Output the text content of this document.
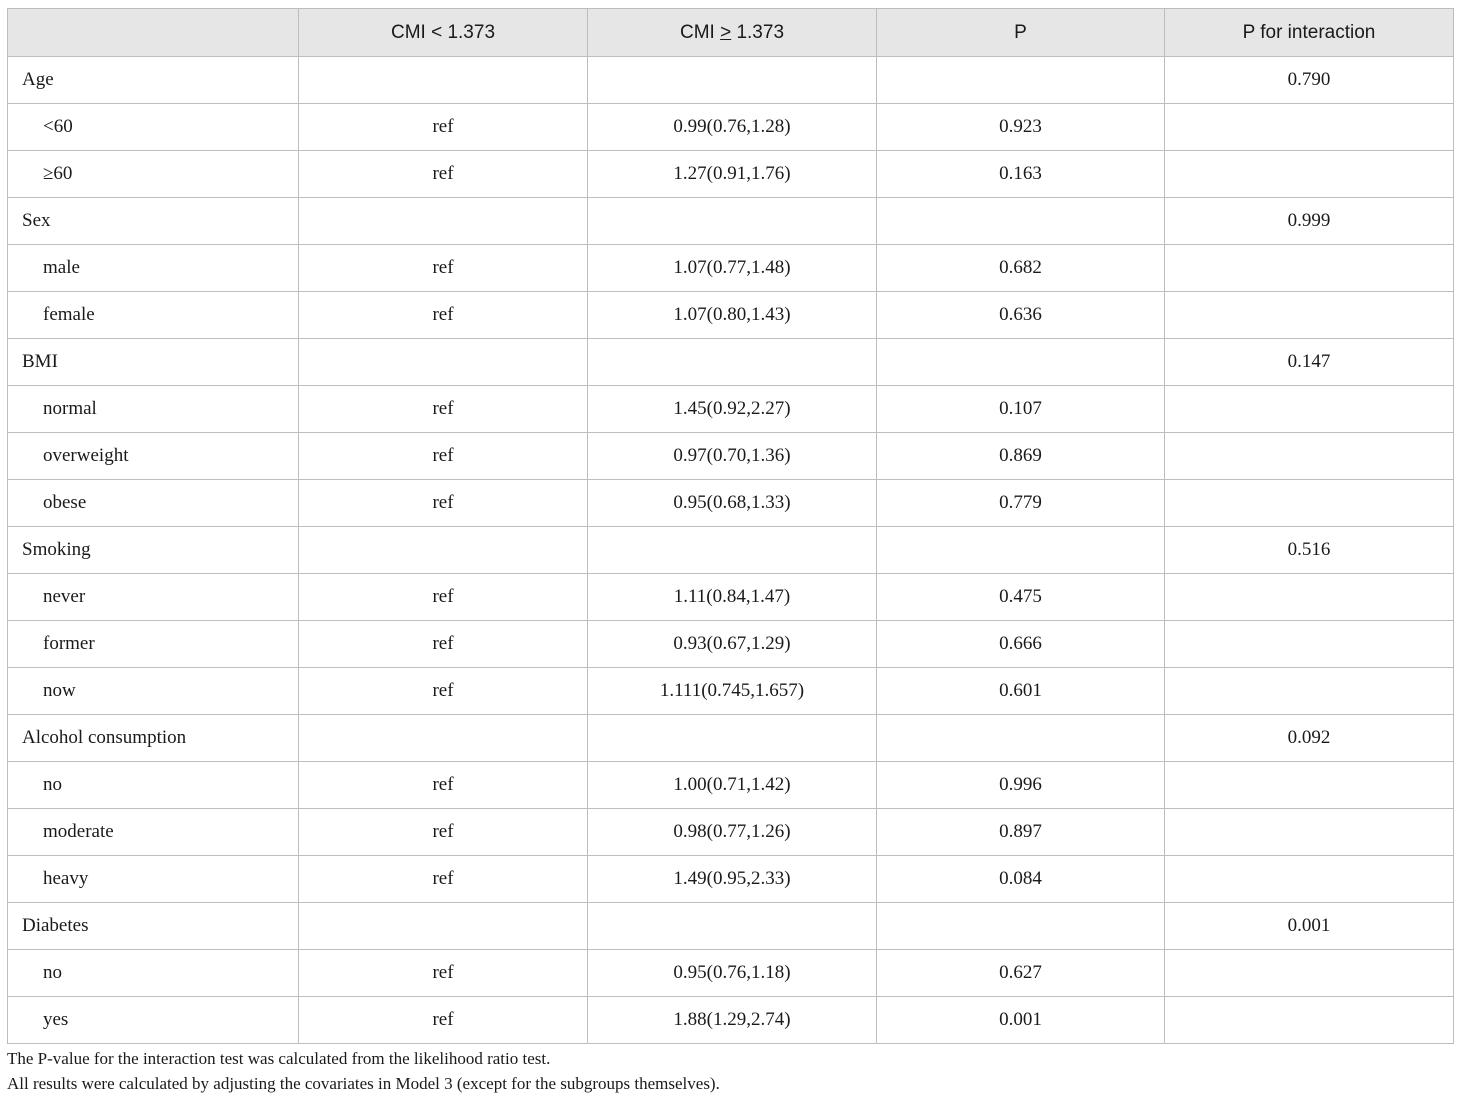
	CMI < 1.373	CMI > 1.373	P	P for interaction
Age				0.790
<60	ref	0.99(0.76,1.28)	0.923	
≥60	ref	1.27(0.91,1.76)	0.163	
Sex				0.999
male	ref	1.07(0.77,1.48)	0.682	
female	ref	1.07(0.80,1.43)	0.636	
BMI				0.147
normal	ref	1.45(0.92,2.27)	0.107	
overweight	ref	0.97(0.70,1.36)	0.869	
obese	ref	0.95(0.68,1.33)	0.779	
Smoking				0.516
never	ref	1.11(0.84,1.47)	0.475	
former	ref	0.93(0.67,1.29)	0.666	
now	ref	1.111(0.745,1.657)	0.601	
Alcohol consumption				0.092
no	ref	1.00(0.71,1.42)	0.996	
moderate	ref	0.98(0.77,1.26)	0.897	
heavy	ref	1.49(0.95,2.33)	0.084	
Diabetes				0.001
no	ref	0.95(0.76,1.18)	0.627	
yes	ref	1.88(1.29,2.74)	0.001	

The P-value for the interaction test was calculated from the likelihood ratio test.

All results were calculated by adjusting the covariates in Model 3 (except for the subgroups themselves).
